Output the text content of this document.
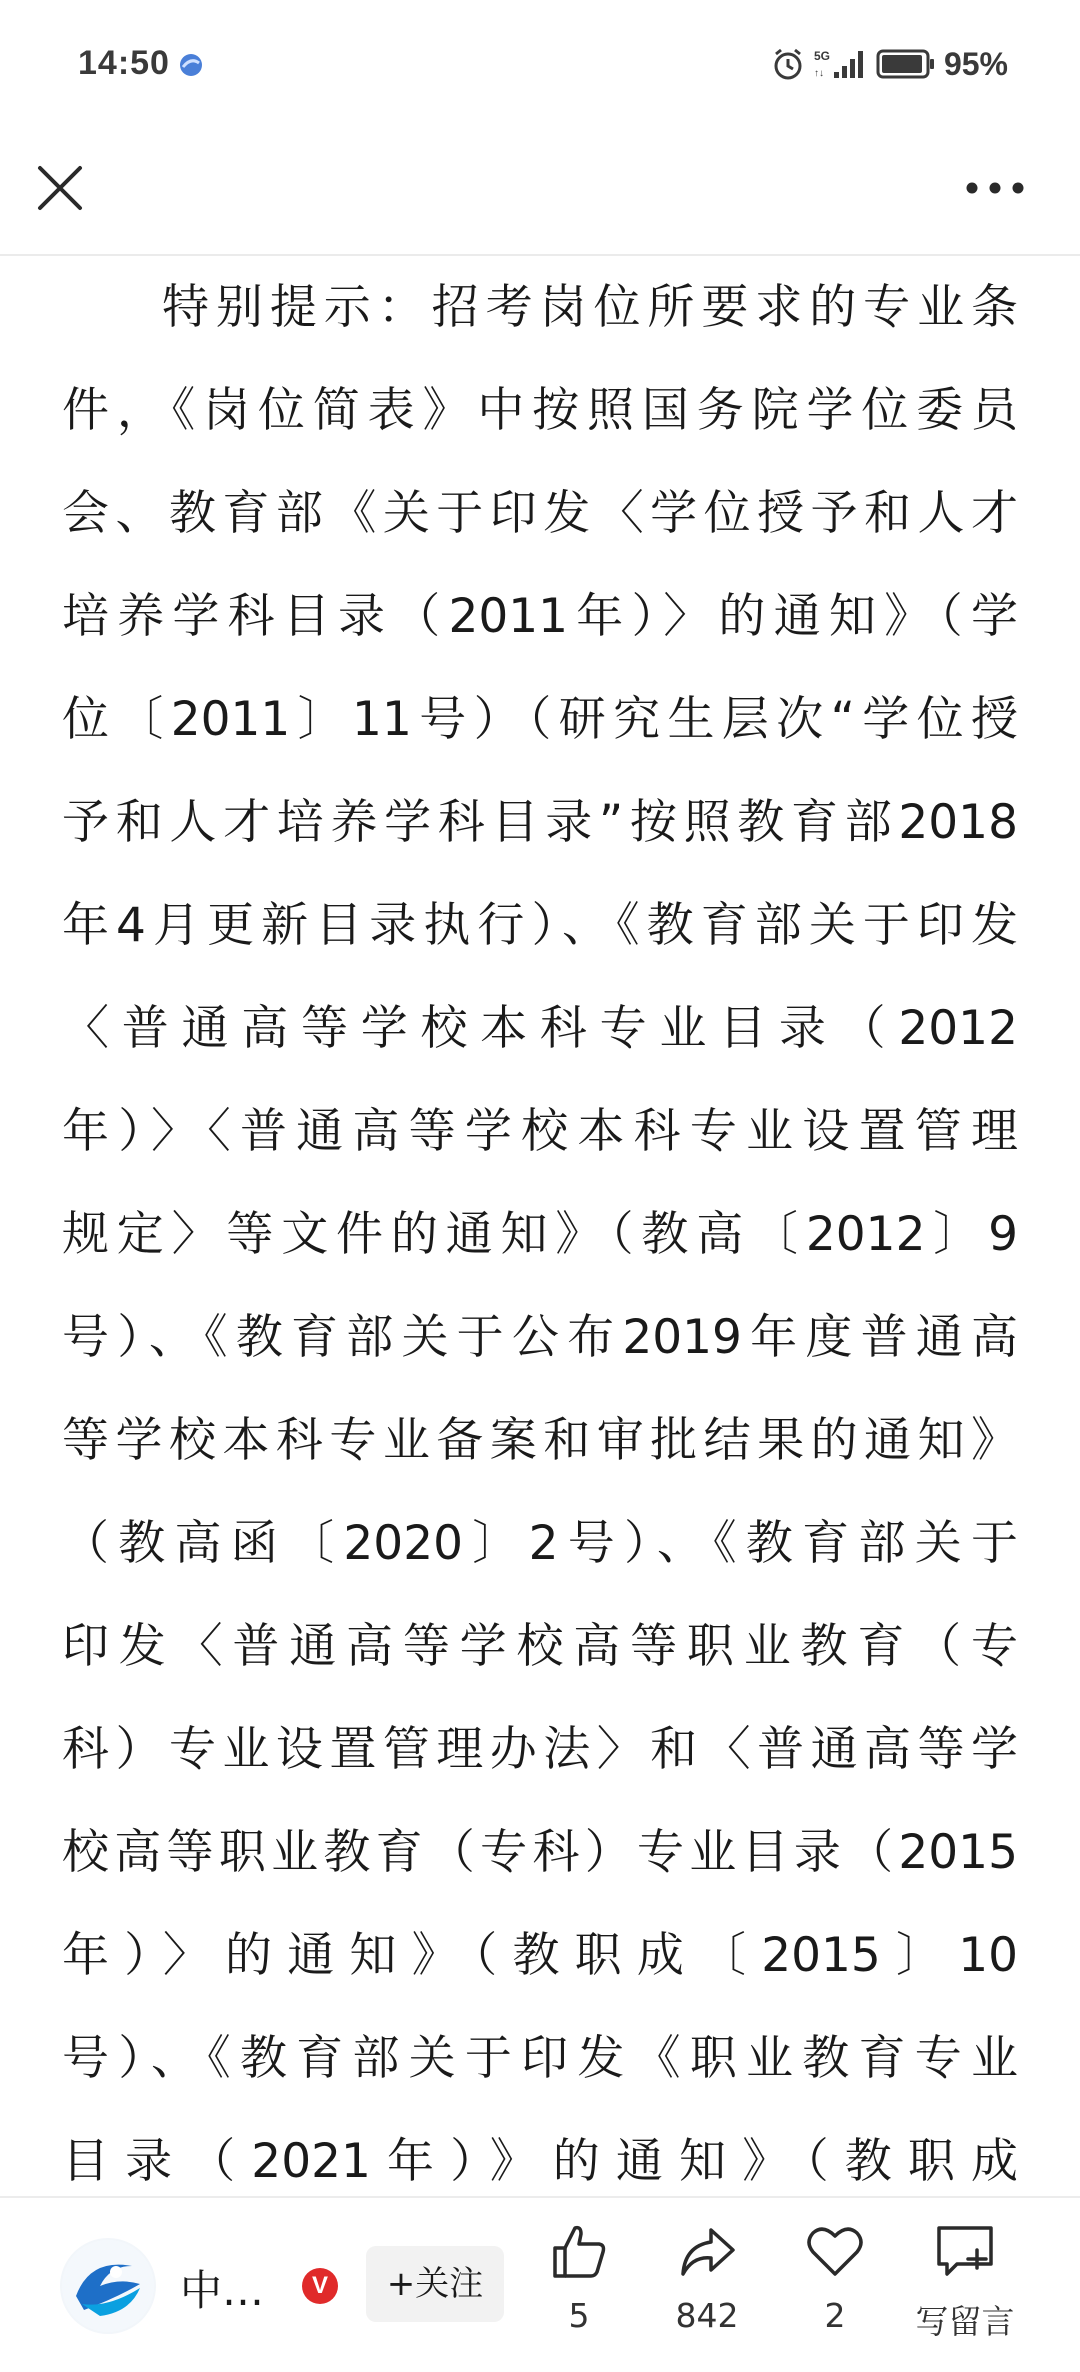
14:50	5G
↑↓	95%
特别提示：招考岗位所要求的专业条
件，《岗位简表》中按照国务院学位委员
会、教育部《关于印发〈学位授予和人才
培养学科目录（2011年）〉的通知》（学
位〔2011〕11号）（研究生层次“学位授
予和人才培养学科目录”按照教育部2018
年4月更新目录执行）、《教育部关于印发
〈普通高等学校本科专业目录（2012
年）〉〈普通高等学校本科专业设置管理
规定〉等文件的通知》（教高〔2012〕9
号）、《教育部关于公布2019年度普通高
等学校本科专业备案和审批结果的通知》
（教高函〔2020〕2号）、《教育部关于
印发〈普通高等学校高等职业教育（专
科）专业设置管理办法〉和〈普通高等学
校高等职业教育（专科）专业目录（2015
年）〉的通知》（教职成〔2015〕10
号）、《教育部关于印发《职业教育专业
目录（2021年）》的通知》（教职成
中…	V	+关注
5	842	2	写留言
